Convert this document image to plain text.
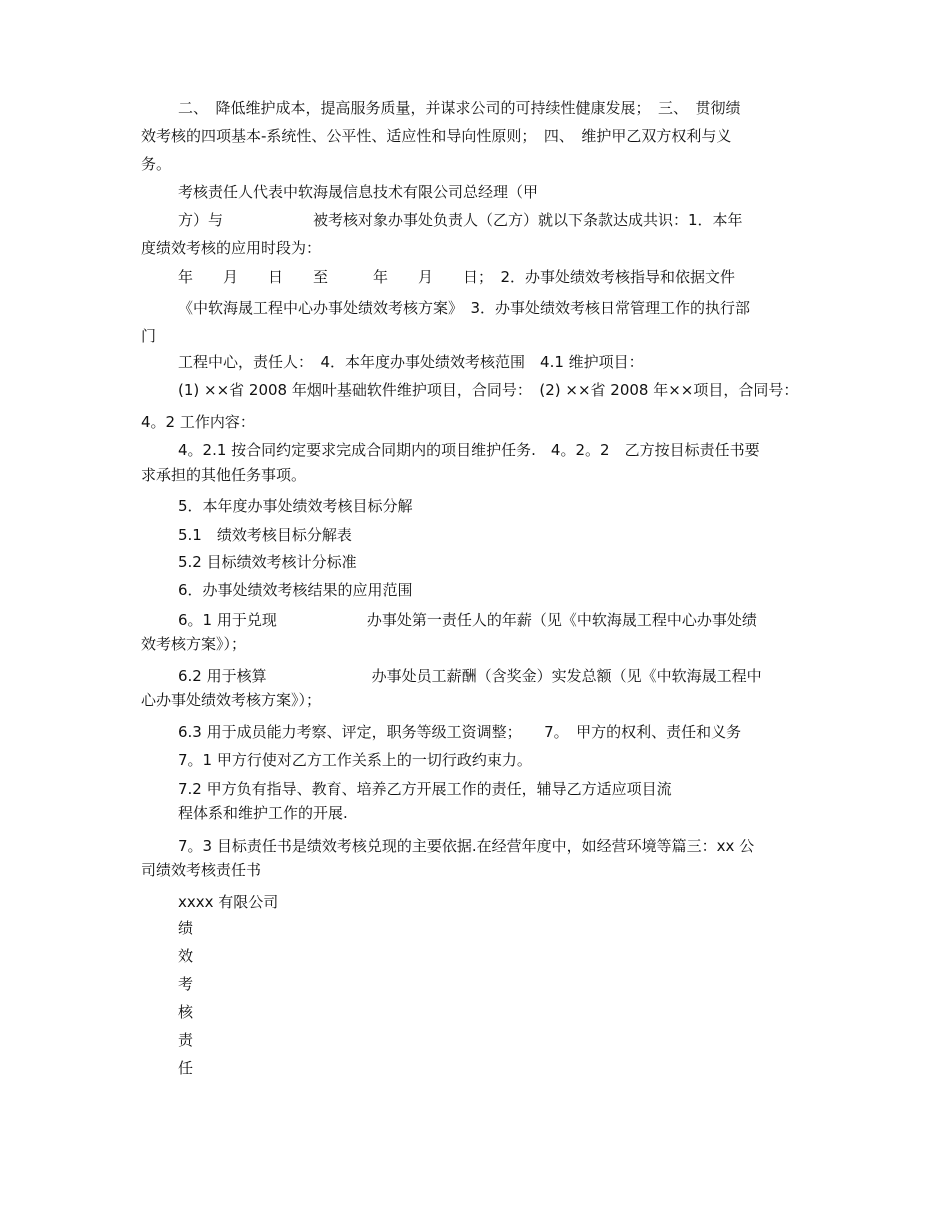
二、　降低维护成本，提高服务质量，并谋求公司的可持续性健康发展；　三、　贯彻绩
效考核的四项基本-系统性、公平性、适应性和导向性原则；　四、　维护甲乙双方权利与义
务。
考核责任人代表中软海晟信息技术有限公司总经理（甲
方）与　　　　　　被考核对象办事处负责人（乙方）就以下条款达成共识：1．本年
度绩效考核的应用时段为：
年　　月　　日　　至　　　年　　月　　日；　2．办事处绩效考核指导和依据文件
《中软海晟工程中心办事处绩效考核方案》　3．办事处绩效考核日常管理工作的执行部
门
工程中心，责任人：　4．本年度办事处绩效考核范围　4.1 维护项目：
(1) ××省 2008 年烟叶基础软件维护项目，合同号：　(2) ××省 2008 年××项目，合同号：
4。2 工作内容：
4。2.1 按合同约定要求完成合同期内的项目维护任务.　4。2。2　乙方按目标责任书要
求承担的其他任务事项。
5．本年度办事处绩效考核目标分解
5.1　绩效考核目标分解表
5.2 目标绩效考核计分标准
6．办事处绩效考核结果的应用范围
6。1 用于兑现　　　　　　办事处第一责任人的年薪（见《中软海晟工程中心办事处绩
效考核方案》）；
6.2 用于核算　　　　　　　办事处员工薪酬（含奖金）实发总额（见《中软海晟工程中
心办事处绩效考核方案》）；
6.3 用于成员能力考察、评定，职务等级工资调整；　　7。　甲方的权利、责任和义务
7。1 甲方行使对乙方工作关系上的一切行政约束力。
7.2 甲方负有指导、教育、培养乙方开展工作的责任，辅导乙方适应项目流
程体系和维护工作的开展.
7。3 目标责任书是绩效考核兑现的主要依据.在经营年度中，如经营环境等篇三：xx 公
司绩效考核责任书
xxxx 有限公司
绩
效
考
核
责
任
